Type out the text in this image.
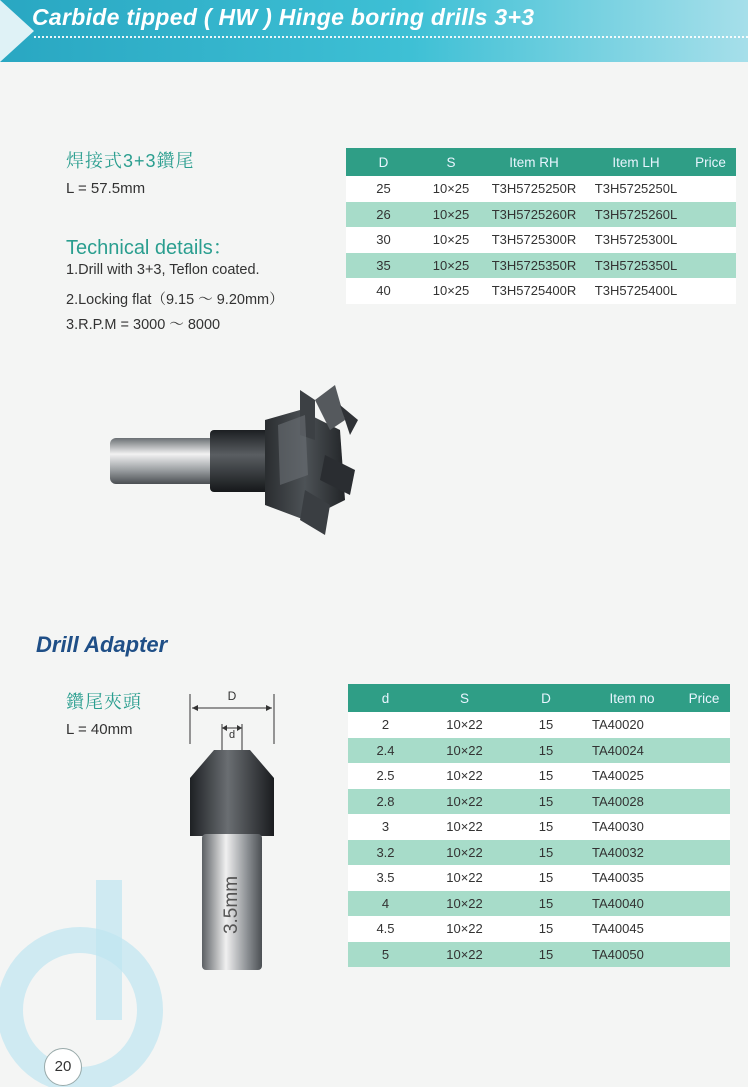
Carbide tipped ( HW ) Hinge boring drills 3+3
焊接式3+3鑽尾
L = 57.5mm
Technical details：
1.Drill with 3+3, Teflon coated.
2.Locking flat（9.15 ～ 9.20mm）
3.R.P.M = 3000 ～ 8000
D	S	Item RH	Item LH	Price
25	10×25	T3H5725250R	T3H5725250L	
26	10×25	T3H5725260R	T3H5725260L	
30	10×25	T3H5725300R	T3H5725300L	
35	10×25	T3H5725350R	T3H5725350L	
40	10×25	T3H5725400R	T3H5725400L	
Drill Adapter
鑽尾夾頭
L = 40mm
D
d
3.5mm
d	S	D	Item no	Price
2	10×22	15	TA40020	
2.4	10×22	15	TA40024	
2.5	10×22	15	TA40025	
2.8	10×22	15	TA40028	
3	10×22	15	TA40030	
3.2	10×22	15	TA40032	
3.5	10×22	15	TA40035	
4	10×22	15	TA40040	
4.5	10×22	15	TA40045	
5	10×22	15	TA40050	
20
